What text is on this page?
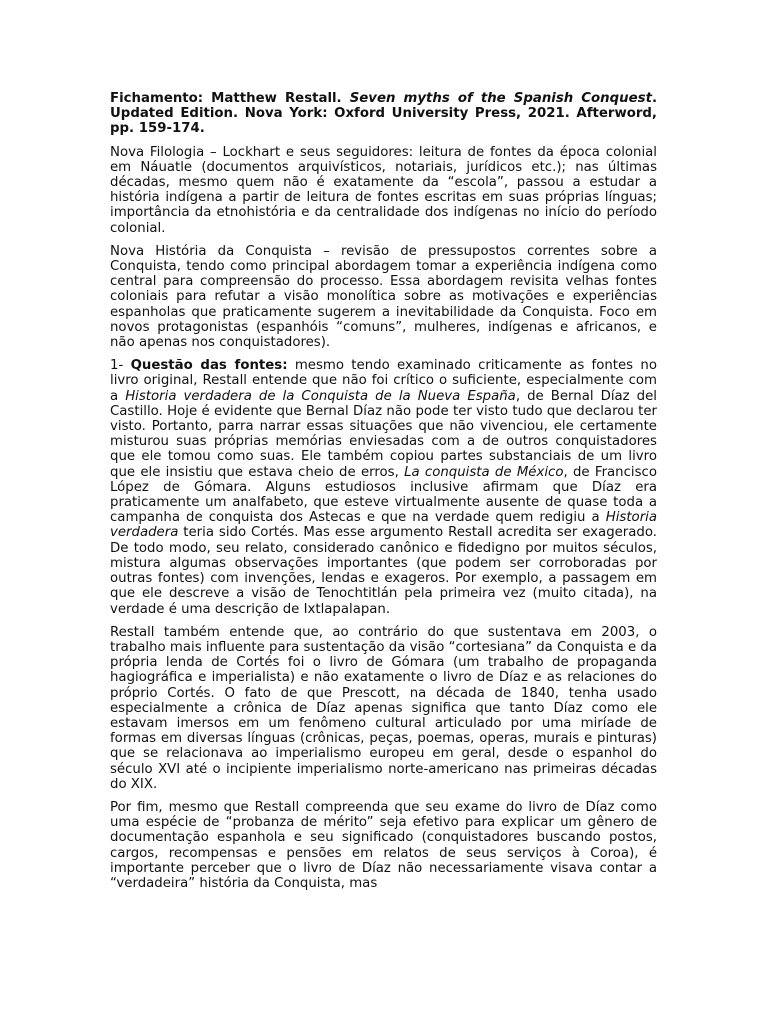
Fichamento: Matthew Restall. Seven myths of the Spanish Conquest. Updated Edition. Nova York: Oxford University Press, 2021. Afterword, pp. 159-174.

Nova Filologia – Lockhart e seus seguidores: leitura de fontes da época colonial em Náuatle (documentos arquivísticos, notariais, jurídicos etc.); nas últimas décadas, mesmo quem não é exatamente da “escola”, passou a estudar a história indígena a partir de leitura de fontes escritas em suas próprias línguas; importância da etnohistória e da centralidade dos indígenas no início do período colonial.

Nova História da Conquista – revisão de pressupostos correntes sobre a Conquista, tendo como principal abordagem tomar a experiência indígena como central para compreensão do processo. Essa abordagem revisita velhas fontes coloniais para refutar a visão monolítica sobre as motivações e experiências espanholas que praticamente sugerem a inevitabilidade da Conquista. Foco em novos protagonistas (espanhóis “comuns”, mulheres, indígenas e africanos, e não apenas nos conquistadores).

1- Questão das fontes: mesmo tendo examinado criticamente as fontes no livro original, Restall entende que não foi crítico o suficiente, especialmente com a Historia verdadera de la Conquista de la Nueva España, de Bernal Díaz del Castillo. Hoje é evidente que Bernal Díaz não pode ter visto tudo que declarou ter visto. Portanto, parra narrar essas situações que não vivenciou, ele certamente misturou suas próprias memórias enviesadas com a de outros conquistadores que ele tomou como suas. Ele também copiou partes substanciais de um livro que ele insistiu que estava cheio de erros, La conquista de México, de Francisco López de Gómara. Alguns estudiosos inclusive afirmam que Díaz era praticamente um analfabeto, que esteve virtualmente ausente de quase toda a campanha de conquista dos Astecas e que na verdade quem redigiu a Historia verdadera teria sido Cortés. Mas esse argumento Restall acredita ser exagerado. De todo modo, seu relato, considerado canônico e fidedigno por muitos séculos, mistura algumas observações importantes (que podem ser corroboradas por outras fontes) com invenções, lendas e exageros. Por exemplo, a passagem em que ele descreve a visão de Tenochtitlán pela primeira vez (muito citada), na verdade é uma descrição de Ixtlapalapan.

Restall também entende que, ao contrário do que sustentava em 2003, o trabalho mais influente para sustentação da visão “cortesiana” da Conquista e da própria lenda de Cortés foi o livro de Gómara (um trabalho de propaganda hagiográfica e imperialista) e não exatamente o livro de Díaz e as relaciones do próprio Cortés. O fato de que Prescott, na década de 1840, tenha usado especialmente a crônica de Díaz apenas significa que tanto Díaz como ele estavam imersos em um fenômeno cultural articulado por uma miríade de formas em diversas línguas (crônicas, peças, poemas, operas, murais e pinturas) que se relacionava ao imperialismo europeu em geral, desde o espanhol do século XVI até o incipiente imperialismo norte-americano nas primeiras décadas do XIX.

Por fim, mesmo que Restall compreenda que seu exame do livro de Díaz como uma espécie de “probanza de mérito” seja efetivo para explicar um gênero de documentação espanhola e seu significado (conquistadores buscando postos, cargos, recompensas e pensões em relatos de seus serviços à Coroa), é importante perceber que o livro de Díaz não necessariamente visava contar a “verdadeira” história da Conquista, mas
